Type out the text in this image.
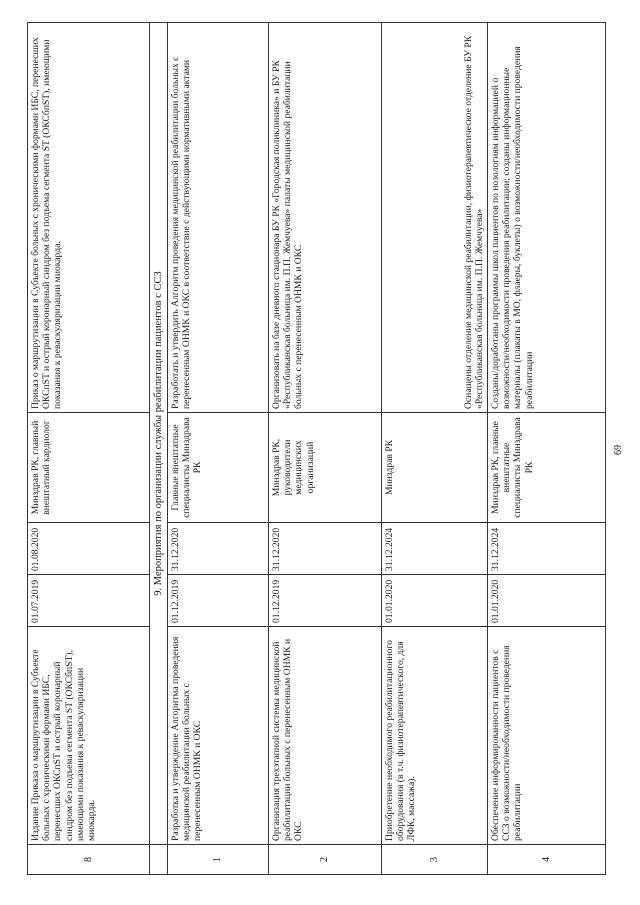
8	Издание Приказа о маршрутизации в Субъекте больных с хроническими формами ИБС, перенесших ОКСпST и острый коронарный синдром без подъема сегмента ST (ОКСбпST), имеющими показания к реваскуляризации миокарда.	01.07.2019	01.08.2020	Минздрав РК, главный внештатный кардиолог	Приказ о маршрутизации в Субъекте больных с хроническими формами ИБС, перенесших ОКСпST и острый коронарный синдром без подъема сегмента ST (ОКСбпST), имеющими показания к реваскуляризации миокарда.
	9. Мероприятия по организации службы реабилитации пациентов с ССЗ				
1	Разработка и утверждение Алгоритма проведения медицинской реабилитации больных с перенесенным ОНМК и ОКС	01.12.2019	31.12.2020	Главные внештатные специалисты Минздрава РК	Разработать и утвердить Алгоритм проведения медицинской реабилитации больных с перенесенным ОНМК и ОКС в соответствие с действующими нормативными актами
2	Организация трехэтапной системы медицинской реабилитации больных с перенесенным ОНМК и ОКС	01.12.2019	31.12.2020	Минздрав РК, руководители медицинских организаций	Организовать на базе дневного стационара БУ РК «Городская поликлиника» и БУ РК «Республиканская больница им. П.П. Жемчуева» палаты медицинской реабилитации больных с перенесенным ОНМК и ОКС
3	Приобретение необходимого реабилитационного оборудования (в т.ч. физиотерапевтического, для ЛФК, массажа).	01.01.2020	31.12.2024	Минздрав РК	Оснащены отделение медицинской реабилитации, физиотерапевтическое отделение БУ РК «Республиканская больница им. П.П. Жемчуева»
4	Обеспечение информированности пациентов с ССЗ о возможности/необходимости проведения реабилитации	01.01.2020	31.12.2024	Минздрав РК, главные внештатные специалисты Минздрава РК	Созданы/доработаны программы школ пациентов по нозологиям информацией о возможности/необходимости проведения реабилитации; созданы информационные материалы (плакаты в МО, флаеры, буклеты) о возможности/необходимости проведения реабилитации
69
